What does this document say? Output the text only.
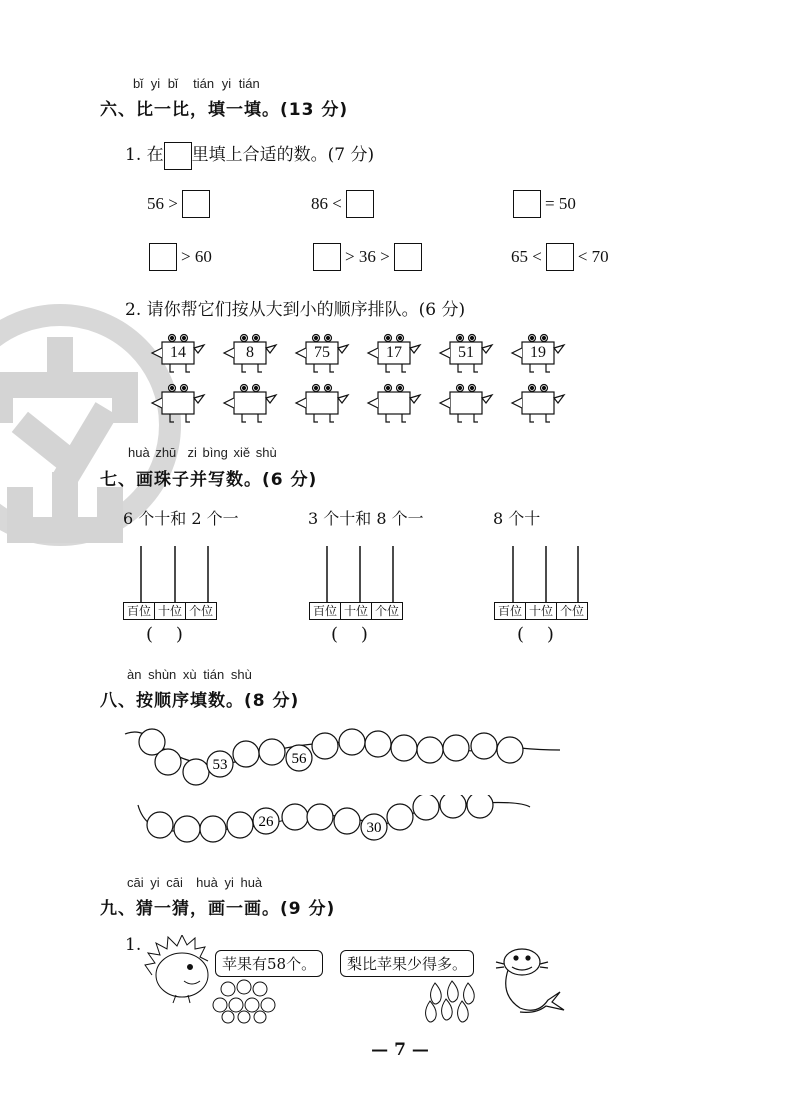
bǐ yi bǐ tián yi tián
六、比一比，填一填。(13 分)
1. 在 里填上合适的数。(7 分)
56 >	86 <	= 50
> 60	> 36 >	65 < < 70
2. 请你帮它们按从大到小的顺序排队。(6 分)
huà zhū zi bìng xiě shù
七、画珠子并写数。(6 分)
6 个十和 2 个一	3 个十和 8 个一	8 个十
百位 十位 个位	百位 十位 个位	百位 十位 个位
(    )	(    )	(    )
àn shùn xù tián shù
八、按顺序填数。(8 分)
53	56
26	30
cāi yi cāi huà yi huà
九、猜一猜，画一画。(9 分)
1.
苹果有58个。	梨比苹果少得多。
— 7 —
14	8	75	17	51	19
